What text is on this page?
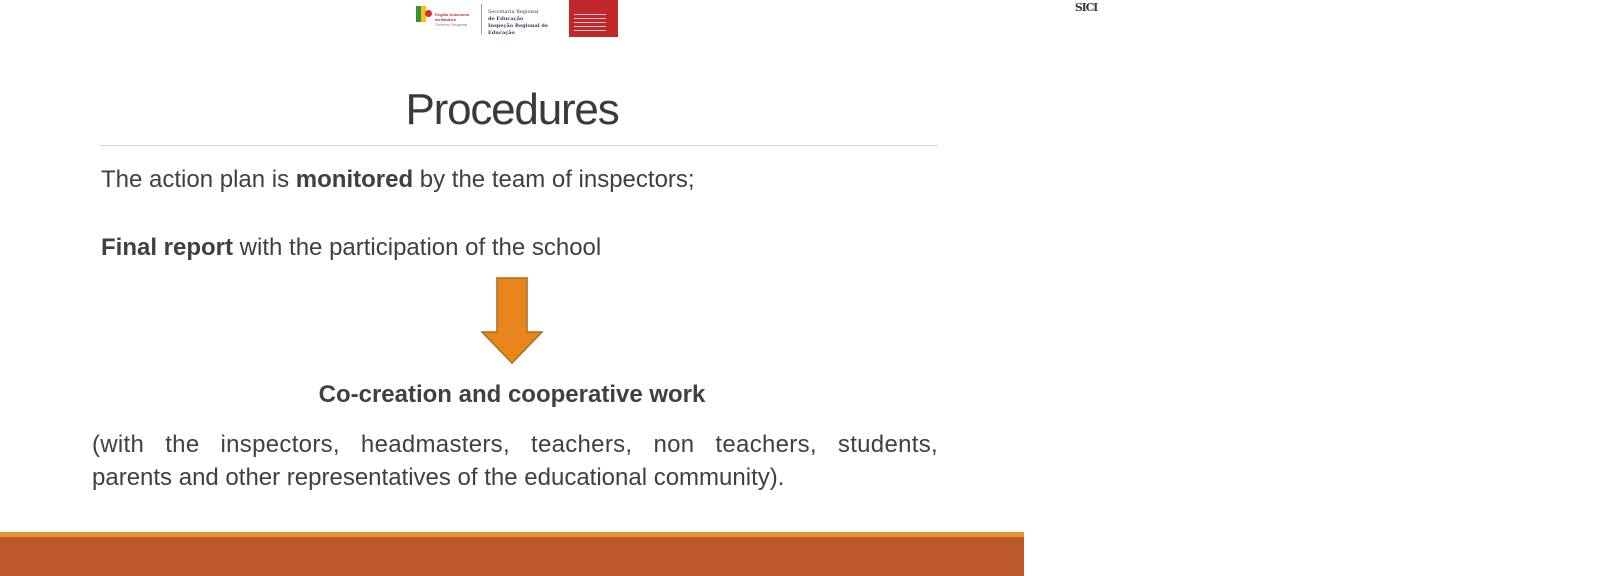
Região Autónoma
da Madeira
Governo Regional
Secretaria Regional
de Educação
Inspeção Regional de Educação
SICI
Procedures
The action plan is monitored by the team of inspectors;
Final report with the participation of the school
Co-creation and cooperative work
(with the inspectors, headmasters, teachers, non teachers, students,
parents and other representatives of the educational community).
